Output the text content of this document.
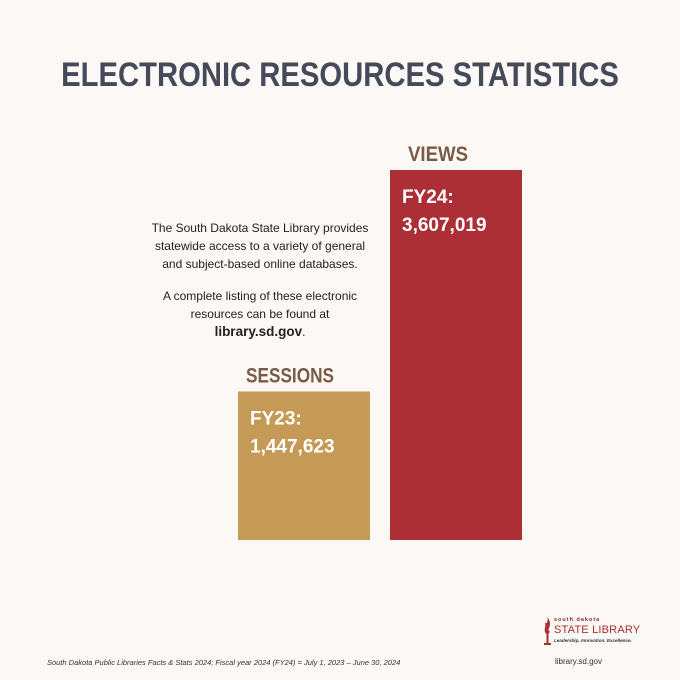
ELECTRONIC RESOURCES STATISTICS
SESSIONS
FY23:
1,447,623
VIEWS
FY24:
3,607,019

The South Dakota State Library provides statewide access to a variety of general and subject-based online databases.

A complete listing of these electronic resources can be found at
library.sd.gov.

south dakota
STATE LIBRARY
Leadership. Innovation. Excellence.
South Dakota Public Libraries Facts & Stats 2024; Fiscal year 2024 (FY24) = July 1, 2023 – June 30, 2024	library.sd.gov
